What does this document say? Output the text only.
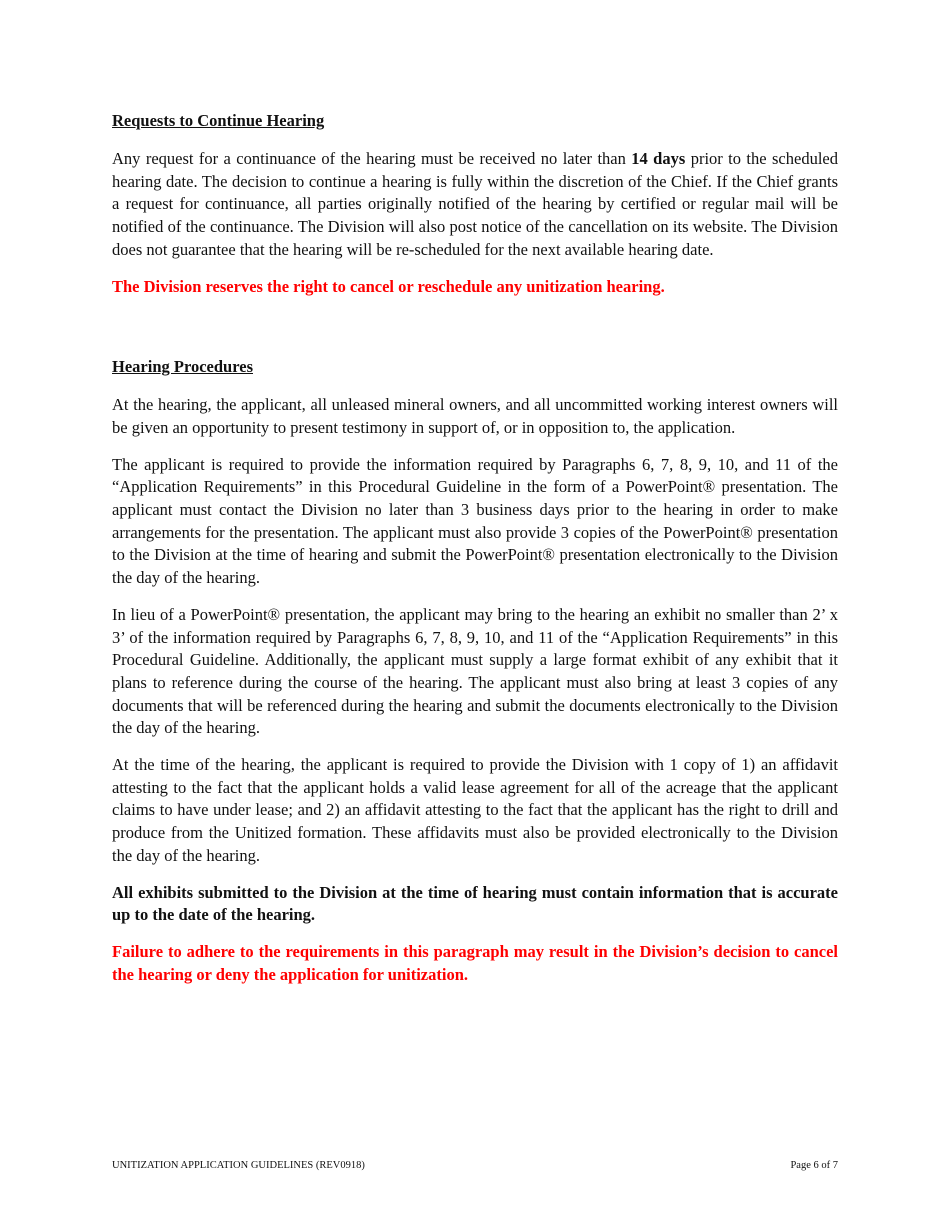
Requests to Continue Hearing

Any request for a continuance of the hearing must be received no later than 14 days prior to the scheduled hearing date. The decision to continue a hearing is fully within the discretion of the Chief. If the Chief grants a request for continuance, all parties originally notified of the hearing by certified or regular mail will be notified of the continuance. The Division will also post notice of the cancellation on its website. The Division does not guarantee that the hearing will be re-scheduled for the next available hearing date.

The Division reserves the right to cancel or reschedule any unitization hearing.

Hearing Procedures

At the hearing, the applicant, all unleased mineral owners, and all uncommitted working interest owners will be given an opportunity to present testimony in support of, or in opposition to, the application.

The applicant is required to provide the information required by Paragraphs 6, 7, 8, 9, 10, and 11 of the “Application Requirements” in this Procedural Guideline in the form of a PowerPoint® presentation. The applicant must contact the Division no later than 3 business days prior to the hearing in order to make arrangements for the presentation. The applicant must also provide 3 copies of the PowerPoint® presentation to the Division at the time of hearing and submit the PowerPoint® presentation electronically to the Division the day of the hearing.

In lieu of a PowerPoint® presentation, the applicant may bring to the hearing an exhibit no smaller than 2’ x 3’ of the information required by Paragraphs 6, 7, 8, 9, 10, and 11 of the “Application Requirements” in this Procedural Guideline. Additionally, the applicant must supply a large format exhibit of any exhibit that it plans to reference during the course of the hearing. The applicant must also bring at least 3 copies of any documents that will be referenced during the hearing and submit the documents electronically to the Division the day of the hearing.

At the time of the hearing, the applicant is required to provide the Division with 1 copy of 1) an affidavit attesting to the fact that the applicant holds a valid lease agreement for all of the acreage that the applicant claims to have under lease; and 2) an affidavit attesting to the fact that the applicant has the right to drill and produce from the Unitized formation. These affidavits must also be provided electronically to the Division the day of the hearing.

All exhibits submitted to the Division at the time of hearing must contain information that is accurate up to the date of the hearing.

Failure to adhere to the requirements in this paragraph may result in the Division’s decision to cancel the hearing or deny the application for unitization.

UNITIZATION APPLICATION GUIDELINES (REV0918)	Page 6 of 7
